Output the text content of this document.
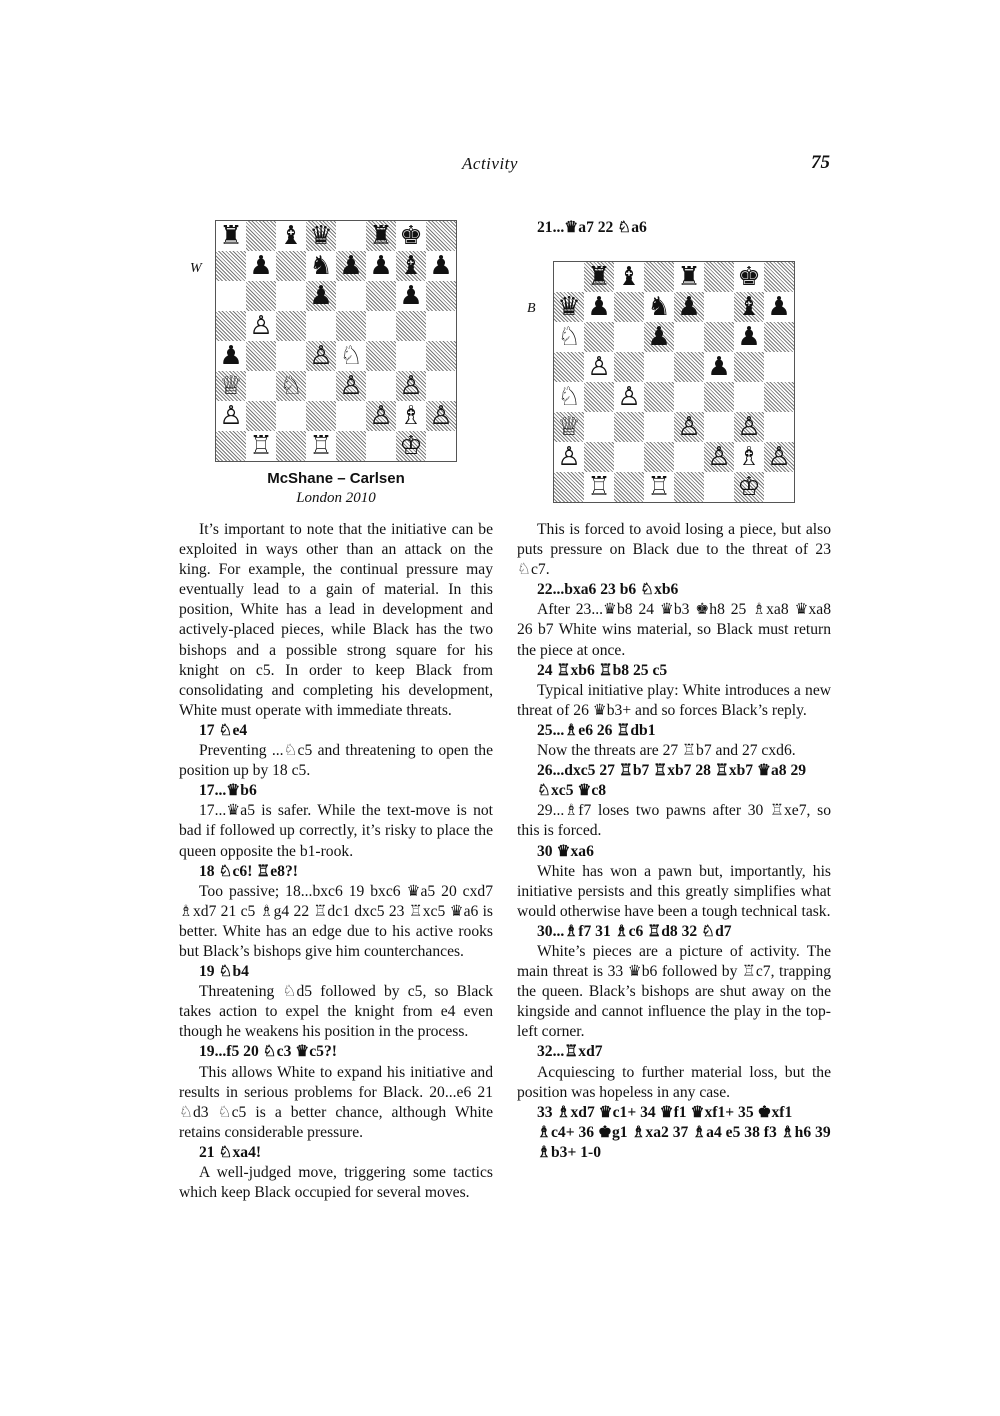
Activity	75
W
♜ ♝ ♛ ♜ ♚
♟ ♞ ♟ ♟ ♝ ♟
♟	♟
♙
♟	♙ ♘
♕ ♘ ♙ ♙
♙	♙ ♗ ♙
♖ ♖	♔
McShane – Carlsen
London 2010
21...♛a7 22 ♘a6
B
♜ ♝ ♜ ♚
♛ ♟ ♞ ♟ ♝ ♟
♘	♟	♟
♙	♟
♘ ♙
♕	♙ ♙
♙	♙ ♗ ♙
♖ ♖	♔

It’s important to note that the initiative can be exploited in ways other than an attack on the king. For example, the continual pressure may eventually lead to a gain of material. In this position, White has a lead in development and actively-placed pieces, while Black has the two bishops and a possible strong square for his knight on c5. In order to keep Black from consolidating and completing his development, White must operate with immediate threats.

17 ♘e4

Preventing ...♘c5 and threatening to open the position up by 18 c5.

17...♛b6

17...♛a5 is safer. While the text-move is not bad if followed up correctly, it’s risky to place the queen opposite the b1-rook.

18 ♘c6! ♖e8?!

Too passive; 18...bxc6 19 bxc6 ♛a5 20 cxd7 ♗xd7 21 c5 ♗g4 22 ♖dc1 dxc5 23 ♖xc5 ♛a6 is better. White has an edge due to his active rooks but Black’s bishops give him counterchances.

19 ♘b4

Threatening ♘d5 followed by c5, so Black takes action to expel the knight from e4 even though he weakens his position in the process.

19...f5 20 ♘c3 ♛c5?!

This allows White to expand his initiative and results in serious problems for Black. 20...e6 21 ♘d3 ♘c5 is a better chance, although White retains considerable pressure.

21 ♘xa4!

A well-judged move, triggering some tactics which keep Black occupied for several moves.

This is forced to avoid losing a piece, but also puts pressure on Black due to the threat of 23 ♘c7.

22...bxa6 23 b6 ♘xb6

After 23...♛b8 24 ♛b3 ♚h8 25 ♗xa8 ♛xa8 26 b7 White wins material, so Black must return the piece at once.

24 ♖xb6 ♖b8 25 c5

Typical initiative play: White introduces a new threat of 26 ♛b3+ and so forces Black’s reply.

25...♗e6 26 ♖db1

Now the threats are 27 ♖b7 and 27 cxd6.

26...dxc5 27 ♖b7 ♖xb7 28 ♖xb7 ♛a8 29 ♘xc5 ♛c8

29...♗f7 loses two pawns after 30 ♖xe7, so this is forced.

30 ♛xa6

White has won a pawn but, importantly, his initiative persists and this greatly simplifies what would otherwise have been a tough technical task.

30...♗f7 31 ♗c6 ♖d8 32 ♘d7

White’s pieces are a picture of activity. The main threat is 33 ♛b6 followed by ♖c7, trapping the queen. Black’s bishops are shut away on the kingside and cannot influence the play in the top-left corner.

32...♖xd7

Acquiescing to further material loss, but the position was hopeless in any case.

33 ♗xd7 ♛c1+ 34 ♛f1 ♛xf1+ 35 ♚xf1 ♗c4+ 36 ♚g1 ♗xa2 37 ♗a4 e5 38 f3 ♗h6 39 ♗b3+ 1-0
